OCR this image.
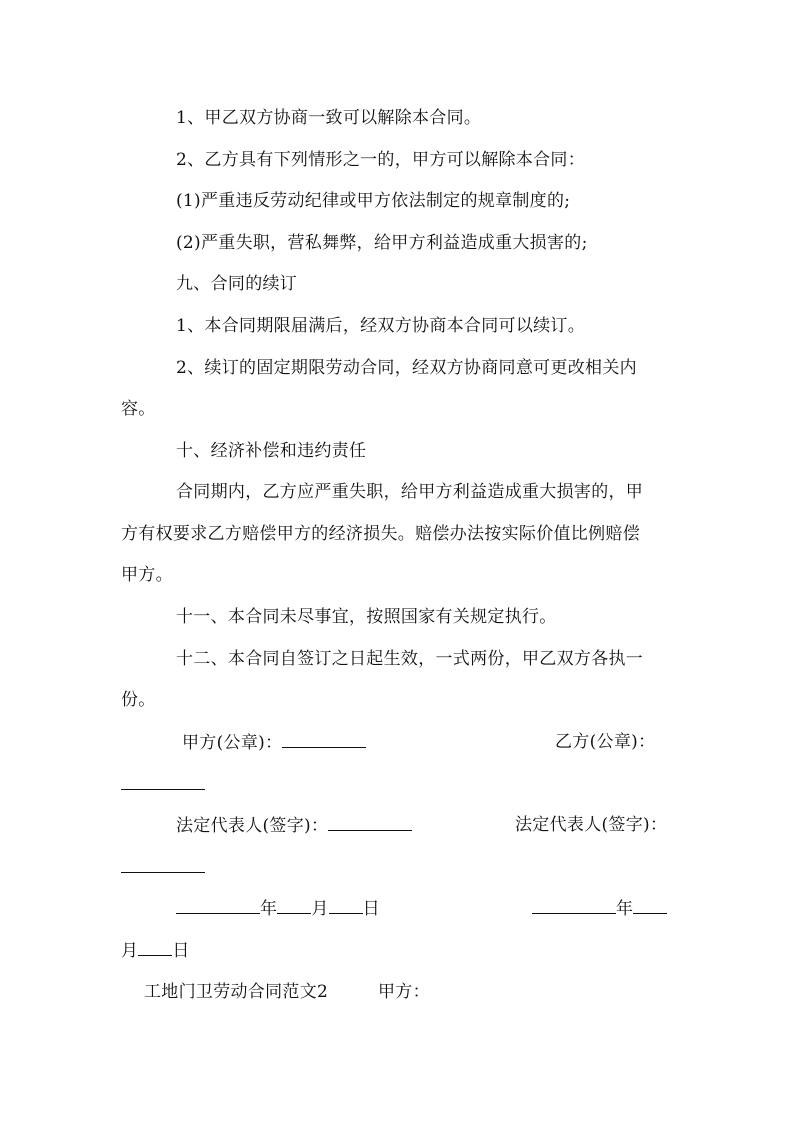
1、甲乙双方协商一致可以解除本合同。
2、乙方具有下列情形之一的，甲方可以解除本合同：
(1)严重违反劳动纪律或甲方依法制定的规章制度的;
(2)严重失职，营私舞弊，给甲方利益造成重大损害的;
九、合同的续订
1、本合同期限届满后，经双方协商本合同可以续订。
2、续订的固定期限劳动合同，经双方协商同意可更改相关内
容。
十、经济补偿和违约责任
合同期内，乙方应严重失职，给甲方利益造成重大损害的，甲
方有权要求乙方赔偿甲方的经济损失。赔偿办法按实际价值比例赔偿
甲方。
十一、本合同未尽事宜，按照国家有关规定执行。
十二、本合同自签订之日起生效，一式两份，甲乙双方各执一
份。
甲方(公章)：	乙方(公章)：
法定代表人(签字)：	法定代表人(签字)：
年 月 日	年
月 日
工地门卫劳动合同范文2	甲方：
